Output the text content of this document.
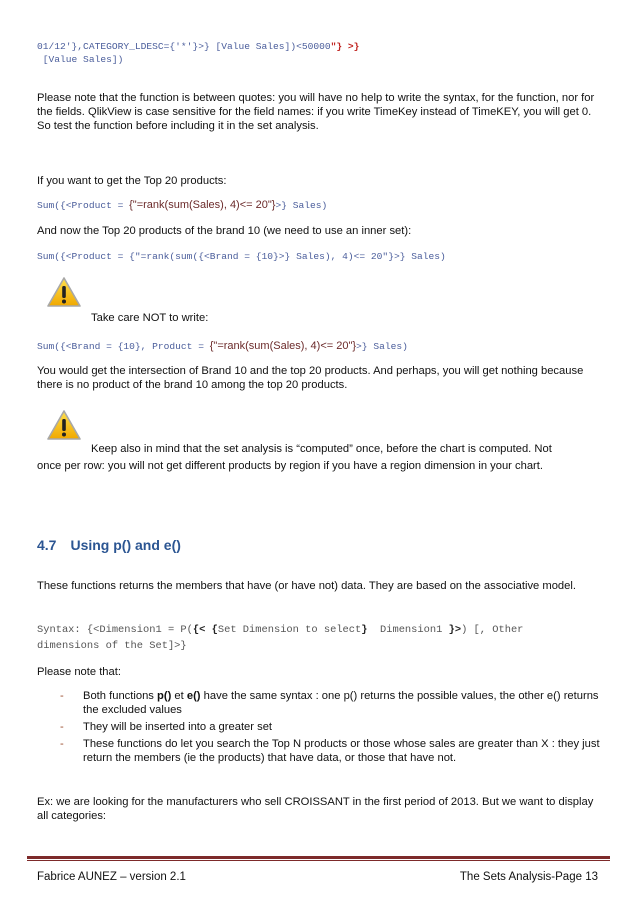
01/12'},CATEGORY_LDESC={'*'}>} [Value Sales])<50000"} >}
[Value Sales])

Please note that the function is between quotes: you will have no help to write the syntax, for the function, nor for the fields. QlikView is case sensitive for the field names: if you write TimeKey instead of TimeKEY, you will get 0. So test the function before including it in the set analysis.

If you want to get the Top 20 products:

Sum({<Product = {"=rank(sum(Sales), 4)<= 20"}>} Sales)

And now the Top 20 products of the brand 10 (we need to use an inner set):

Sum({<Product = {"=rank(sum({<Brand = {10}>} Sales), 4)<= 20"}>} Sales)

Take care NOT to write:

Sum({<Brand = {10}, Product = {"=rank(sum(Sales), 4)<= 20"}>} Sales)

You would get the intersection of Brand 10 and the top 20 products. And perhaps, you will get nothing because there is no product of the brand 10 among the top 20 products.

Keep also in mind that the set analysis is “computed” once, before the chart is computed. Not

once per row: you will not get different products by region if you have a region dimension in your chart.

4.7 Using p() and e()

These functions returns the members that have (or have not) data. They are based on the associative model.

Syntax: {<Dimension1 = P({< {Set Dimension to select}  Dimension1 }>) [, Other
dimensions of the Set]>}

Please note that:

- Both functions p() et e() have the same syntax : one p() returns the possible values, the other e() returns the excluded values
- They will be inserted into a greater set
- These functions do let you search the Top N products or those whose sales are greater than X : they just return the members (ie the products) that have data, or those that have not.

Ex: we are looking for the manufacturers who sell CROISSANT in the first period of 2013. But we want to display all categories:

Fabrice AUNEZ – version 2.1	The Sets Analysis-Page 13
